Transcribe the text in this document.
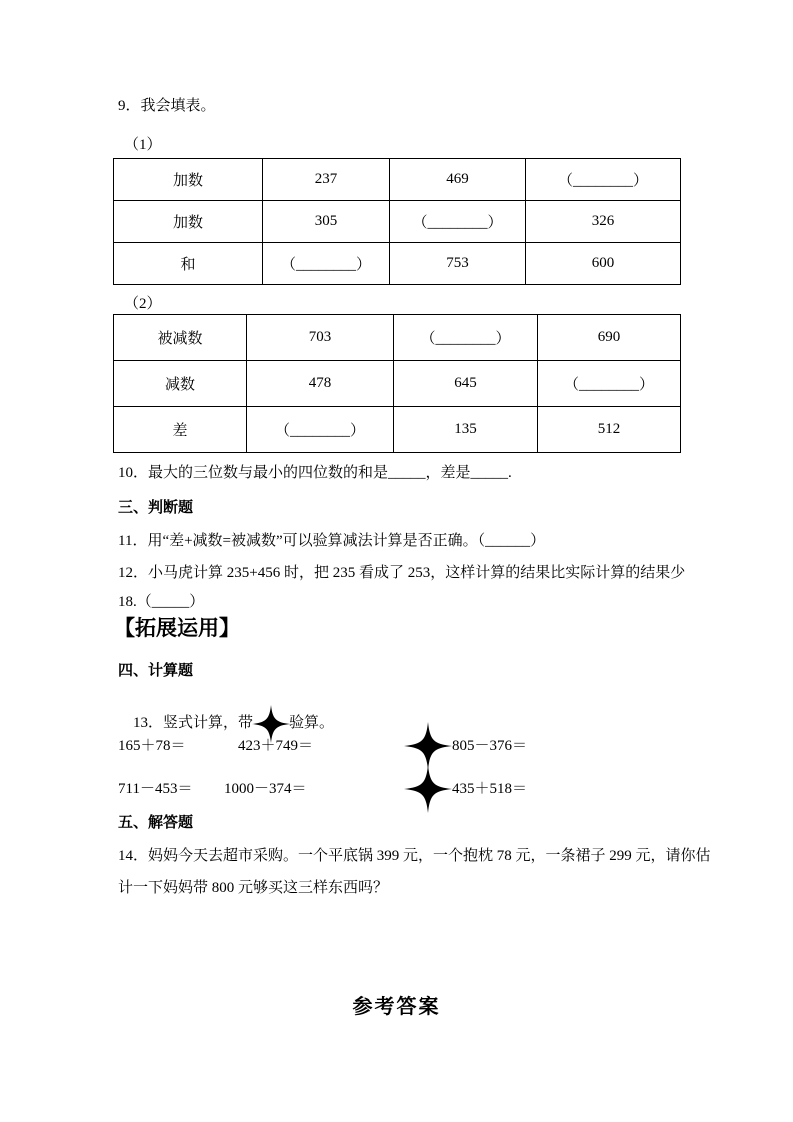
9．我会填表。
（1）
加数	237	469	（________）
加数	305	（________）	326
和	（________）	753	600
（2）
被减数	703	（________）	690
减数	478	645	（________）
差	（________）	135	512
10．最大的三位数与最小的四位数的和是_____，差是_____.
三、判断题
11．用“差+减数=被减数”可以验算减法计算是否正确。（______）
12．小马虎计算 235+456 时，把 235 看成了 253，这样计算的结果比实际计算的结果少
18.（_____）
【拓展运用】
四、计算题

13．竖式计算，带 验算。

165＋78＝	423＋749＝	805－376＝
711－453＝ 1000－374＝	435＋518＝
五、解答题
14．妈妈今天去超市采购。一个平底锅 399 元，一个抱枕 78 元，一条裙子 299 元，请你估
计一下妈妈带 800 元够买这三样东西吗？
参考答案
